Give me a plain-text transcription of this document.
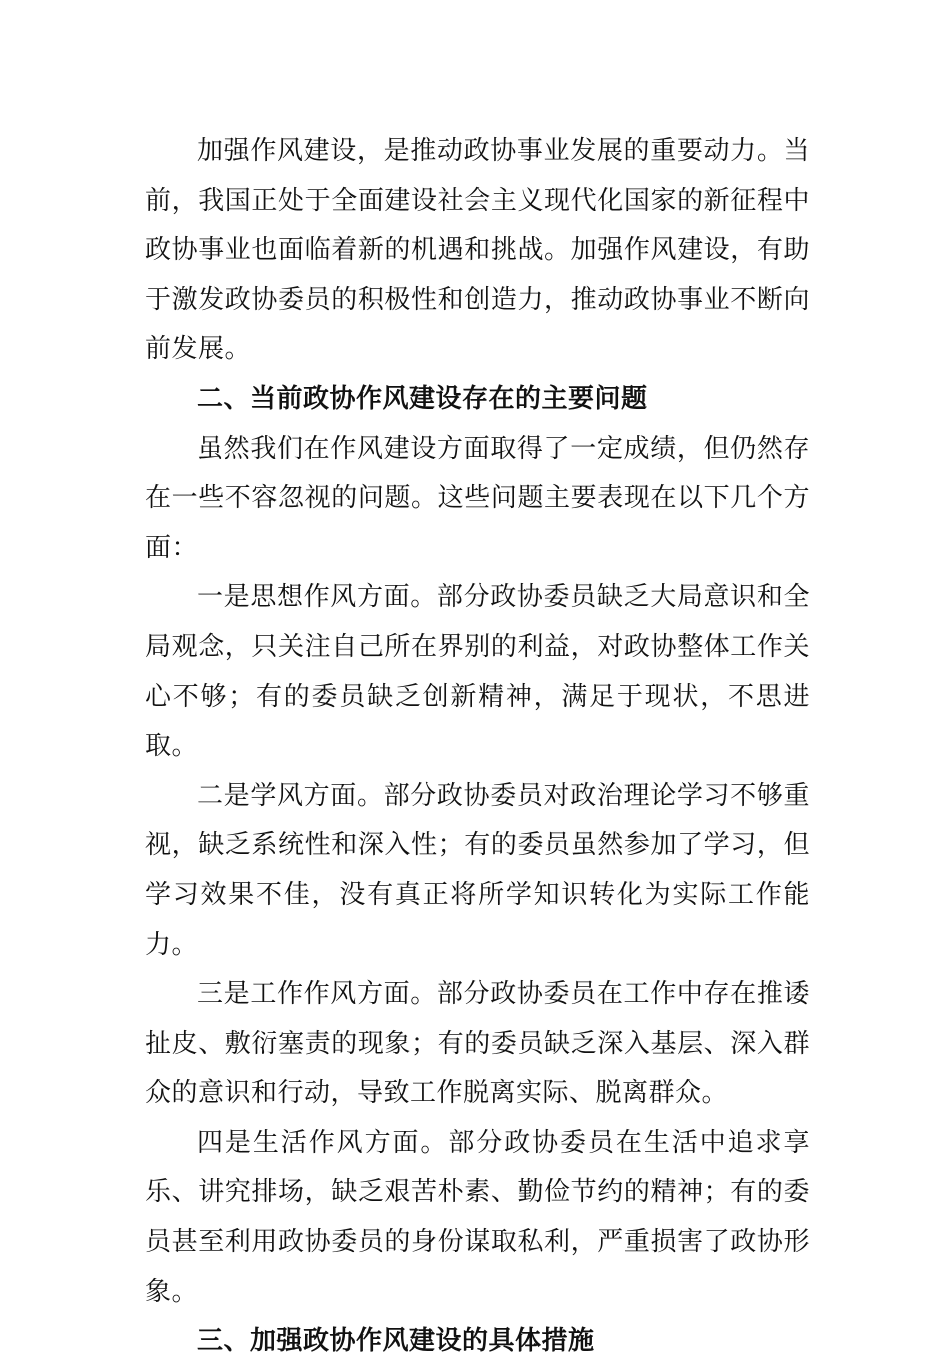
加强作风建设，是推动政协事业发展的重要动力。当前，我国正处于全面建设社会主义现代化国家的新征程中政协事业也面临着新的机遇和挑战。加强作风建设，有助于激发政协委员的积极性和创造力，推动政协事业不断向前发展。

二、当前政协作风建设存在的主要问题

虽然我们在作风建设方面取得了一定成绩，但仍然存在一些不容忽视的问题。这些问题主要表现在以下几个方面：

一是思想作风方面。部分政协委员缺乏大局意识和全局观念，只关注自己所在界别的利益，对政协整体工作关心不够；有的委员缺乏创新精神，满足于现状，不思进取。

二是学风方面。部分政协委员对政治理论学习不够重视，缺乏系统性和深入性；有的委员虽然参加了学习，但学习效果不佳，没有真正将所学知识转化为实际工作能力。

三是工作作风方面。部分政协委员在工作中存在推诿扯皮、敷衍塞责的现象；有的委员缺乏深入基层、深入群众的意识和行动，导致工作脱离实际、脱离群众。

四是生活作风方面。部分政协委员在生活中追求享乐、讲究排场，缺乏艰苦朴素、勤俭节约的精神；有的委员甚至利用政协委员的身份谋取私利，严重损害了政协形象。

三、加强政协作风建设的具体措施
